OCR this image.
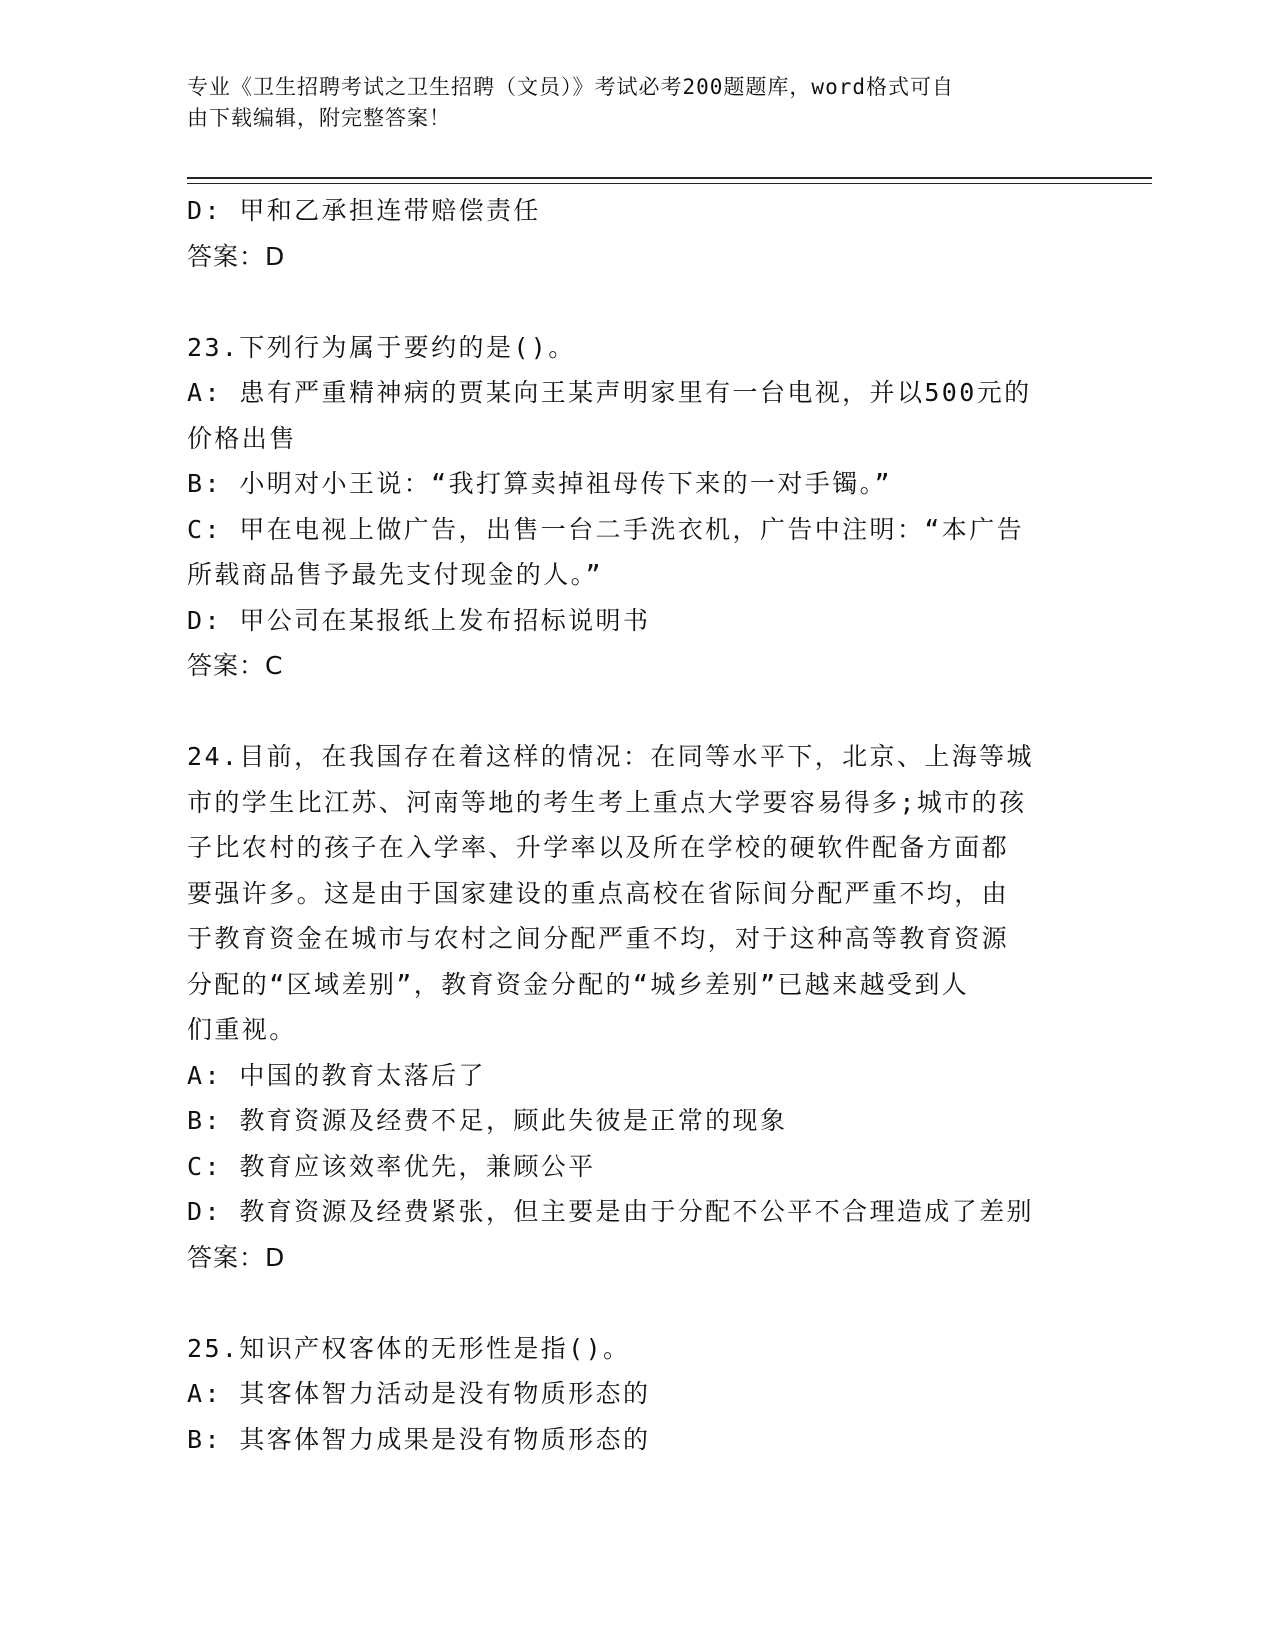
专业《卫生招聘考试之卫生招聘（文员）》考试必考200题题库，word格式可自
由下载编辑，附完整答案！
D: 甲和乙承担连带赔偿责任
答案：D
23.下列行为属于要约的是()。
A: 患有严重精神病的贾某向王某声明家里有一台电视，并以500元的
价格出售
B: 小明对小王说：“我打算卖掉祖母传下来的一对手镯。”
C: 甲在电视上做广告，出售一台二手洗衣机，广告中注明：“本广告
所载商品售予最先支付现金的人。”
D: 甲公司在某报纸上发布招标说明书
答案：C
24.目前，在我国存在着这样的情况：在同等水平下，北京、上海等城
市的学生比江苏、河南等地的考生考上重点大学要容易得多;城市的孩
子比农村的孩子在入学率、升学率以及所在学校的硬软件配备方面都
要强许多。这是由于国家建设的重点高校在省际间分配严重不均，由
于教育资金在城市与农村之间分配严重不均，对于这种高等教育资源
分配的“区域差别”，教育资金分配的“城乡差别”已越来越受到人
们重视。
A: 中国的教育太落后了
B: 教育资源及经费不足，顾此失彼是正常的现象
C: 教育应该效率优先，兼顾公平
D: 教育资源及经费紧张，但主要是由于分配不公平不合理造成了差别
答案：D
25.知识产权客体的无形性是指()。
A: 其客体智力活动是没有物质形态的
B: 其客体智力成果是没有物质形态的
